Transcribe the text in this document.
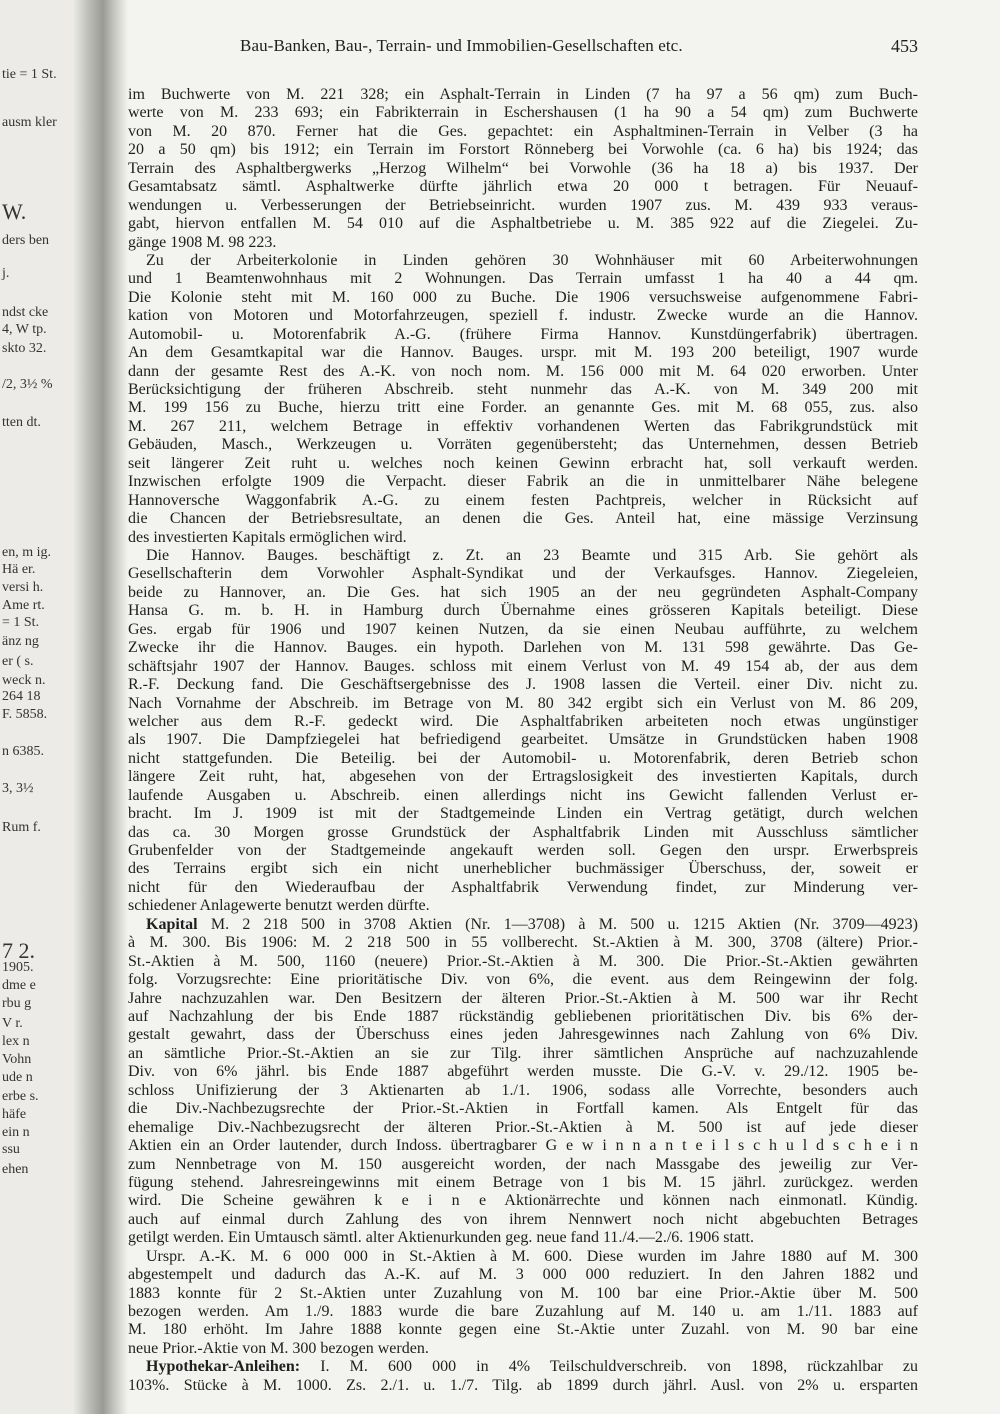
tie = 1 St.
ausm kler
W.
ders ben
j.
ndst cke
4, W tp.
skto 32.
/2, 3½ %
tten dt.
en, m ig.
Hä er.
versi h.
Ame rt.
= 1 St.
änz ng
er ( s.
weck n.
264 18
F. 5858.
n 6385.
3, 3½
Rum f.
7 2.
1905.
dme e
rbu g
V r.
lex n
Vohn
ude n
erbe s.
häfe
ein n
ssu
ehen
Bau-Banken, Bau-, Terrain- und Immobilien-Gesellschaften etc.	453
im Buchwerte von M. 221 328; ein Asphalt-Terrain in Linden (7 ha 97 a 56 qm) zum Buch-
werte von M. 233 693; ein Fabrikterrain in Eschershausen (1 ha 90 a 54 qm) zum Buchwerte
von M. 20 870. Ferner hat die Ges. gepachtet: ein Asphaltminen-Terrain in Velber (3 ha
20 a 50 qm) bis 1912; ein Terrain im Forstort Rönneberg bei Vorwohle (ca. 6 ha) bis 1924; das
Terrain des Asphaltbergwerks „Herzog Wilhelm“ bei Vorwohle (36 ha 18 a) bis 1937. Der
Gesamtabsatz sämtl. Asphaltwerke dürfte jährlich etwa 20 000 t betragen. Für Neuauf-
wendungen u. Verbesserungen der Betriebseinricht. wurden 1907 zus. M. 439 933 veraus-
gabt, hiervon entfallen M. 54 010 auf die Asphaltbetriebe u. M. 385 922 auf die Ziegelei. Zu-
gänge 1908 M. 98 223.
Zu der Arbeiterkolonie in Linden gehören 30 Wohnhäuser mit 60 Arbeiterwohnungen
und 1 Beamtenwohnhaus mit 2 Wohnungen. Das Terrain umfasst 1 ha 40 a 44 qm.
Die Kolonie steht mit M. 160 000 zu Buche. Die 1906 versuchsweise aufgenommene Fabri-
kation von Motoren und Motorfahrzeugen, speziell f. industr. Zwecke wurde an die Hannov.
Automobil- u. Motorenfabrik A.-G. (frühere Firma Hannov. Kunstdüngerfabrik) übertragen.
An dem Gesamtkapital war die Hannov. Bauges. urspr. mit M. 193 200 beteiligt, 1907 wurde
dann der gesamte Rest des A.-K. von noch nom. M. 156 000 mit M. 64 020 erworben. Unter
Berücksichtigung der früheren Abschreib. steht nunmehr das A.-K. von M. 349 200 mit
M. 199 156 zu Buche, hierzu tritt eine Forder. an genannte Ges. mit M. 68 055, zus. also
M. 267 211, welchem Betrage in effektiv vorhandenen Werten das Fabrikgrundstück mit
Gebäuden, Masch., Werkzeugen u. Vorräten gegenübersteht; das Unternehmen, dessen Betrieb
seit längerer Zeit ruht u. welches noch keinen Gewinn erbracht hat, soll verkauft werden.
Inzwischen erfolgte 1909 die Verpacht. dieser Fabrik an die in unmittelbarer Nähe belegene
Hannoversche Waggonfabrik A.-G. zu einem festen Pachtpreis, welcher in Rücksicht auf
die Chancen der Betriebsresultate, an denen die Ges. Anteil hat, eine mässige Verzinsung
des investierten Kapitals ermöglichen wird.
Die Hannov. Bauges. beschäftigt z. Zt. an 23 Beamte und 315 Arb. Sie gehört als
Gesellschafterin dem Vorwohler Asphalt-Syndikat und der Verkaufsges. Hannov. Ziegeleien,
beide zu Hannover, an. Die Ges. hat sich 1905 an der neu gegründeten Asphalt-Company
Hansa G. m. b. H. in Hamburg durch Übernahme eines grösseren Kapitals beteiligt. Diese
Ges. ergab für 1906 und 1907 keinen Nutzen, da sie einen Neubau aufführte, zu welchem
Zwecke ihr die Hannov. Bauges. ein hypoth. Darlehen von M. 131 598 gewährte. Das Ge-
schäftsjahr 1907 der Hannov. Bauges. schloss mit einem Verlust von M. 49 154 ab, der aus dem
R.-F. Deckung fand. Die Geschäftsergebnisse des J. 1908 lassen die Verteil. einer Div. nicht zu.
Nach Vornahme der Abschreib. im Betrage von M. 80 342 ergibt sich ein Verlust von M. 86 209,
welcher aus dem R.-F. gedeckt wird. Die Asphaltfabriken arbeiteten noch etwas ungünstiger
als 1907. Die Dampfziegelei hat befriedigend gearbeitet. Umsätze in Grundstücken haben 1908
nicht stattgefunden. Die Beteilig. bei der Automobil- u. Motorenfabrik, deren Betrieb schon
längere Zeit ruht, hat, abgesehen von der Ertragslosigkeit des investierten Kapitals, durch
laufende Ausgaben u. Abschreib. einen allerdings nicht ins Gewicht fallenden Verlust er-
bracht. Im J. 1909 ist mit der Stadtgemeinde Linden ein Vertrag getätigt, durch welchen
das ca. 30 Morgen grosse Grundstück der Asphaltfabrik Linden mit Ausschluss sämtlicher
Grubenfelder von der Stadtgemeinde angekauft werden soll. Gegen den urspr. Erwerbspreis
des Terrains ergibt sich ein nicht unerheblicher buchmässiger Überschuss, der, soweit er
nicht für den Wiederaufbau der Asphaltfabrik Verwendung findet, zur Minderung ver-
schiedener Anlagewerte benutzt werden dürfte.
Kapital M. 2 218 500 in 3708 Aktien (Nr. 1—3708) à M. 500 u. 1215 Aktien (Nr. 3709—4923)
à M. 300. Bis 1906: M. 2 218 500 in 55 vollberecht. St.-Aktien à M. 300, 3708 (ältere) Prior.-
St.-Aktien à M. 500, 1160 (neuere) Prior.-St.-Aktien à M. 300. Die Prior.-St.-Aktien gewährten
folg. Vorzugsrechte: Eine prioritätische Div. von 6%, die event. aus dem Reingewinn der folg.
Jahre nachzuzahlen war. Den Besitzern der älteren Prior.-St.-Aktien à M. 500 war ihr Recht
auf Nachzahlung der bis Ende 1887 rückständig gebliebenen prioritätischen Div. bis 6% der-
gestalt gewahrt, dass der Überschuss eines jeden Jahresgewinnes nach Zahlung von 6% Div.
an sämtliche Prior.-St.-Aktien an sie zur Tilg. ihrer sämtlichen Ansprüche auf nachzuzahlende
Div. von 6% jährl. bis Ende 1887 abgeführt werden musste. Die G.-V. v. 29./12. 1905 be-
schloss Unifizierung der 3 Aktienarten ab 1./1. 1906, sodass alle Vorrechte, besonders auch
die Div.-Nachbezugsrechte der Prior.-St.-Aktien in Fortfall kamen. Als Entgelt für das
ehemalige Div.-Nachbezugsrecht der älteren Prior.-St.-Aktien à M. 500 ist auf jede dieser
Aktien ein an Order lautender, durch Indoss. übertragbarer G e w i n n a n t e i l s c h u l d s c h e i n
zum Nennbetrage von M. 150 ausgereicht worden, der nach Massgabe des jeweilig zur Ver-
fügung stehend. Jahresreingewinns mit einem Betrage von 1 bis M. 15 jährl. zurückgez. werden
wird. Die Scheine gewähren k e i n e Aktionärrechte und können nach einmonatl. Kündig.
auch auf einmal durch Zahlung des von ihrem Nennwert noch nicht abgebuchten Betrages
getilgt werden. Ein Umtausch sämtl. alter Aktienurkunden geg. neue fand 11./4.—2./6. 1906 statt.
Urspr. A.-K. M. 6 000 000 in St.-Aktien à M. 600. Diese wurden im Jahre 1880 auf M. 300
abgestempelt und dadurch das A.-K. auf M. 3 000 000 reduziert. In den Jahren 1882 und
1883 konnte für 2 St.-Aktien unter Zuzahlung von M. 100 bar eine Prior.-Aktie über M. 500
bezogen werden. Am 1./9. 1883 wurde die bare Zuzahlung auf M. 140 u. am 1./11. 1883 auf
M. 180 erhöht. Im Jahre 1888 konnte gegen eine St.-Aktie unter Zuzahl. von M. 90 bar eine
neue Prior.-Aktie von M. 300 bezogen werden.
Hypothekar-Anleihen: I. M. 600 000 in 4% Teilschuldverschreib. von 1898, rückzahlbar zu
103%. Stücke à M. 1000. Zs. 2./1. u. 1./7. Tilg. ab 1899 durch jährl. Ausl. von 2% u. ersparten
